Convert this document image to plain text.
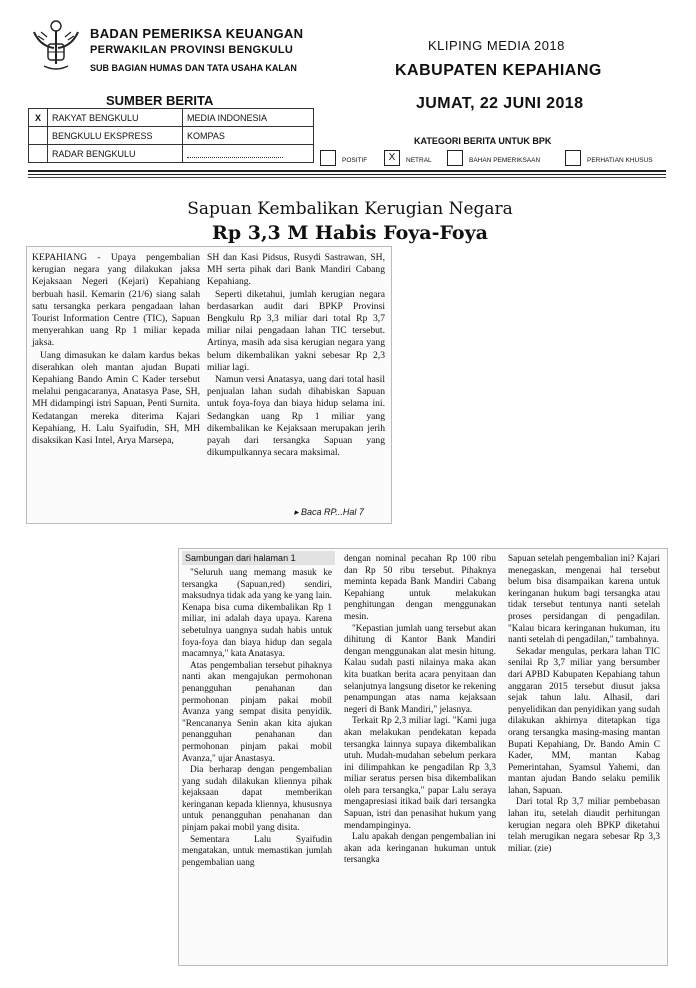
BADAN PEMERIKSA KEUANGAN
PERWAKILAN PROVINSI BENGKULU
SUB BAGIAN HUMAS DAN TATA USAHA KALAN
KLIPING MEDIA 2018
KABUPATEN KEPAHIANG
JUMAT, 22 JUNI 2018
SUMBER BERITA
X	RAKYAT BENGKULU	MEDIA INDONESIA
	BENGKULU EKSPRESS	KOMPAS
	RADAR BENGKULU	
KATEGORI BERITA UNTUK BPK
POSITIF	X	NETRAL	BAHAN PEMERIKSAAN	PERHATIAN KHUSUS
Sapuan Kembalikan Kerugian Negara
Rp 3,3 M Habis Foya-Foya

KEPAHIANG - Upaya pengembalian kerugian negara yang dilakukan jaksa Kejaksaan Negeri (Kejari) Kepahiang berbuah hasil. Kemarin (21/6) siang salah satu tersangka perkara pengadaan lahan Tourist Information Centre (TIC), Sapuan menyerahkan uang Rp 1 miliar kepada jaksa.

Uang dimasukan ke dalam kardus bekas diserahkan oleh mantan ajudan Bupati Kepahiang Bando Amin C Kader tersebut melalui pengacaranya, Anatasya Pase, SH, MH didampingi istri Sapuan, Penti Surnita. Kedatangan mereka diterima Kajari Kepahiang, H. Lalu Syaifudin, SH, MH disaksikan Kasi Intel, Arya Marsepa,

SH dan Kasi Pidsus, Rusydi Sastrawan, SH, MH serta pihak dari Bank Mandiri Cabang Kepahiang.

Seperti diketahui, jumlah kerugian negara berdasarkan audit dari BPKP Provinsi Bengkulu Rp 3,3 miliar dari total Rp 3,7 miliar nilai pengadaan lahan TIC tersebut. Artinya, masih ada sisa kerugian negara yang belum dikembalikan yakni sebesar Rp 2,3 miliar lagi.

Namun versi Anatasya, uang dari total hasil penjualan lahan sudah dihabiskan Sapuan untuk foya-foya dan biaya hidup selama ini. Sedangkan uang Rp 1 miliar yang dikembalikan ke Kejaksaan merupakan jerih payah dari tersangka Sapuan yang dikumpulkannya secara maksimal.

▸ Baca RP...Hal 7
Sambungan dari halaman 1

"Seluruh uang memang masuk ke tersangka (Sapuan,red) sendiri, maksudnya tidak ada yang ke yang lain. Kenapa bisa cuma dikembalikan Rp 1 miliar, ini adalah daya upaya. Karena sebetulnya uangnya sudah habis untuk foya-foya dan biaya hidup dan segala macamnya," kata Anatasya.

Atas pengembalian tersebut pihaknya nanti akan mengajukan permohonan penangguhan penahanan dan permohonan pinjam pakai mobil Avanza yang sempat disita penyidik. "Rencananya Senin akan kita ajukan penangguhan penahanan dan permohonan pinjam pakai mobil Avanza," ujar Anastasya.

Dia berharap dengan pengembalian yang sudah dilakukan kliennya pihak kejaksaan dapat memberikan keringanan kepada kliennya, khususnya untuk penangguhan penahanan dan pinjam pakai mobil yang disita.

Sementara Lalu Syaifudin mengatakan, untuk memastikan jumlah pengembalian uang

dengan nominal pecahan Rp 100 ribu dan Rp 50 ribu tersebut. Pihaknya meminta kepada Bank Mandiri Cabang Kepahiang untuk melakukan penghitungan dengan menggunakan mesin.

"Kepastian jumlah uang tersebut akan dihitung di Kantor Bank Mandiri dengan menggunakan alat mesin hitung. Kalau sudah pasti nilainya maka akan kita buatkan berita acara penyitaan dan selanjutnya langsung disetor ke rekening penampungan atas nama kejaksaan negeri di Bank Mandiri," jelasnya.

Terkait Rp 2,3 miliar lagi. "Kami juga akan melakukan pendekatan kepada tersangka lainnya supaya dikembalikan utuh. Mudah-mudahan sebelum perkara ini dilimpahkan ke pengadilan Rp 3,3 miliar seratus persen bisa dikembalikan oleh para tersangka," papar Lalu seraya mengapresiasi itikad baik dari tersangka Sapuan, istri dan penasihat hukum yang mendampinginya.

Lalu apakah dengan pengembalian ini akan ada keringanan hukuman untuk tersangka

Sapuan setelah pengembalian ini? Kajari menegaskan, mengenai hal tersebut belum bisa disampaikan karena untuk keringanan hukum bagi tersangka atau tidak tersebut tentunya nanti setelah proses persidangan di pengadilan. "Kalau bicara keringanan hukuman, itu nanti setelah di pengadilan," tambahnya.

Sekadar mengulas, perkara lahan TIC senilai Rp 3,7 miliar yang bersumber dari APBD Kabupaten Kepahiang tahun anggaran 2015 tersebut diusut jaksa sejak tahun lalu. Alhasil, dari penyelidikan dan penyidikan yang sudah dilakukan akhirnya ditetapkan tiga orang tersangka masing-masing mantan Bupati Kepahiang, Dr. Bando Amin C Kader, MM, mantan Kabag Pemerintahan, Syamsul Yahemi, dan mantan ajudan Bando selaku pemilik lahan, Sapuan.

Dari total Rp 3,7 miliar pembebasan lahan itu, setelah diaudit perhitungan kerugian negara oleh BPKP diketahui telah merugikan negara sebesar Rp 3,3 miliar. (zie)
